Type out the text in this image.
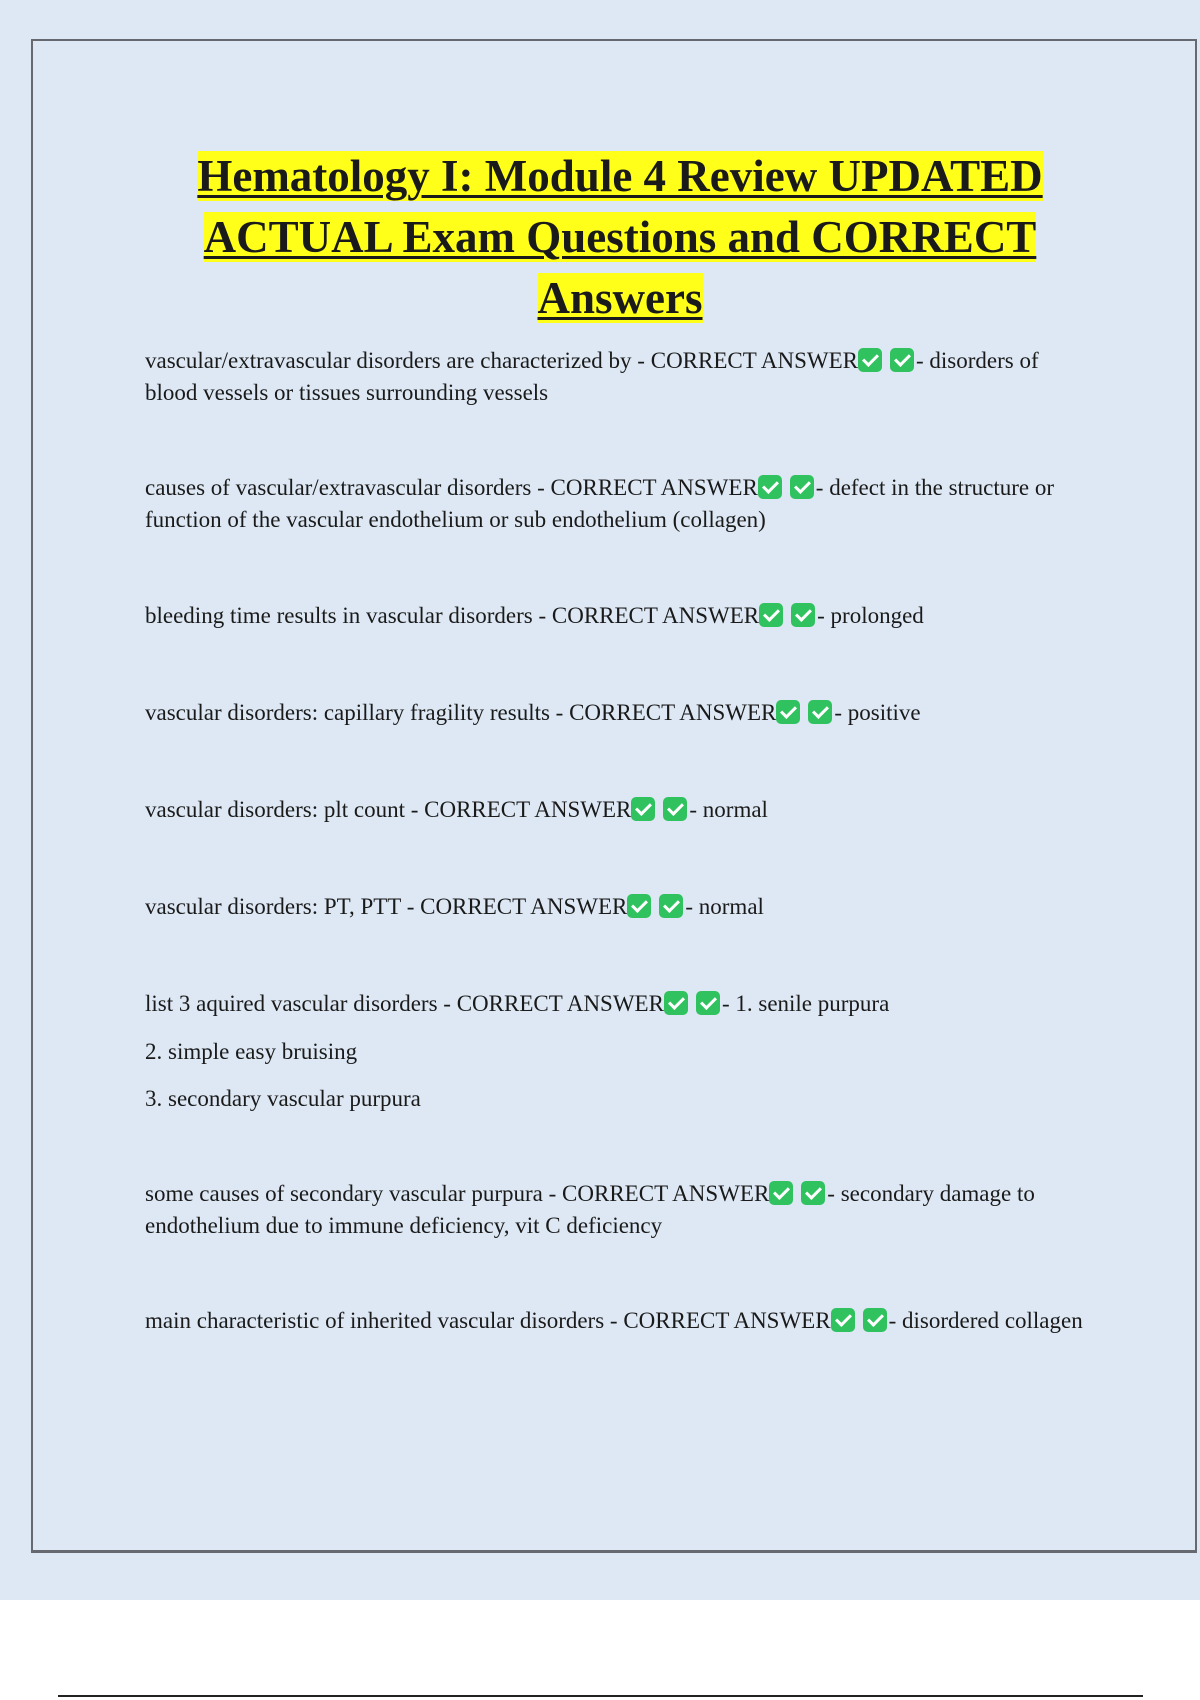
Hematology I: Module 4 Review UPDATED
ACTUAL Exam Questions and CORRECT
Answers

vascular/extravascular disorders are characterized by - CORRECT ANSWER	- disorders of blood vessels or tissues surrounding vessels

causes of vascular/extravascular disorders - CORRECT ANSWER	- defect in the structure or function of the vascular endothelium or sub endothelium (collagen)

bleeding time results in vascular disorders - CORRECT ANSWER	- prolonged

vascular disorders: capillary fragility results - CORRECT ANSWER	- positive

vascular disorders: plt count - CORRECT ANSWER	- normal

vascular disorders: PT, PTT - CORRECT ANSWER	- normal

list 3 aquired vascular disorders - CORRECT ANSWER	- 1. senile purpura

2. simple easy bruising

3. secondary vascular purpura

some causes of secondary vascular purpura - CORRECT ANSWER	- secondary damage to endothelium due to immune deficiency, vit C deficiency

main characteristic of inherited vascular disorders - CORRECT ANSWER	- disordered collagen
